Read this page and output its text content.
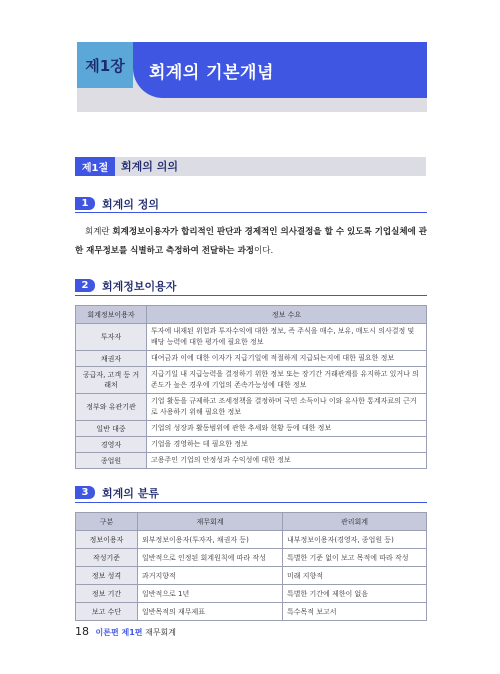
제1장 회계의 기본개념
제1절	회계의 의의
1	회계의 정의
회계란 회계정보이용자가 합리적인 판단과 경제적인 의사결정을 할 수 있도록 기업실체에 관한 재무정보를 식별하고 측정하여 전달하는 과정이다.
2	회계정보이용자
회계정보이용자	정보 수요
투자자	투자에 내재된 위험과 투자수익에 대한 정보, 즉 주식을 매수, 보유, 매도시 의사결정 및 배당 능력에 대한 평가에 필요한 정보
채권자	대여금과 이에 대한 이자가 지급기일에 적절하게 지급되는지에 대한 필요한 정보
공급자, 고객 등 거래처	지급기일 내 지급능력을 결정하기 위한 정보 또는 장기간 거래관계를 유지하고 있거나 의존도가 높은 경우에 기업의 존속가능성에 대한 정보
정부와 유관기관	기업 활동을 규제하고 조세정책을 결정하며 국민 소득이나 이와 유사한 통계자료의 근거로 사용하기 위해 필요한 정보
일반 대중	기업의 성장과 활동범위에 관한 추세와 현황 등에 대한 정보
경영자	기업을 경영하는 데 필요한 정보
종업원	고용주인 기업의 안정성과 수익성에 대한 정보
3	회계의 분류
구분	재무회계	관리회계
정보이용자	외부정보이용자(투자자, 채권자 등)	내부정보이용자(경영자, 종업원 등)
작성기준	일반적으로 인정된 회계원칙에 따라 작성	특별한 기준 없이 보고 목적에 따라 작성
정보 성격	과거지향적	미래 지향적
정보 기간	일반적으로 1년	특별한 기간에 제한이 없음
보고 수단	일반목적의 재무제표	특수목적 보고서
18 이론편 제1편 재무회계
